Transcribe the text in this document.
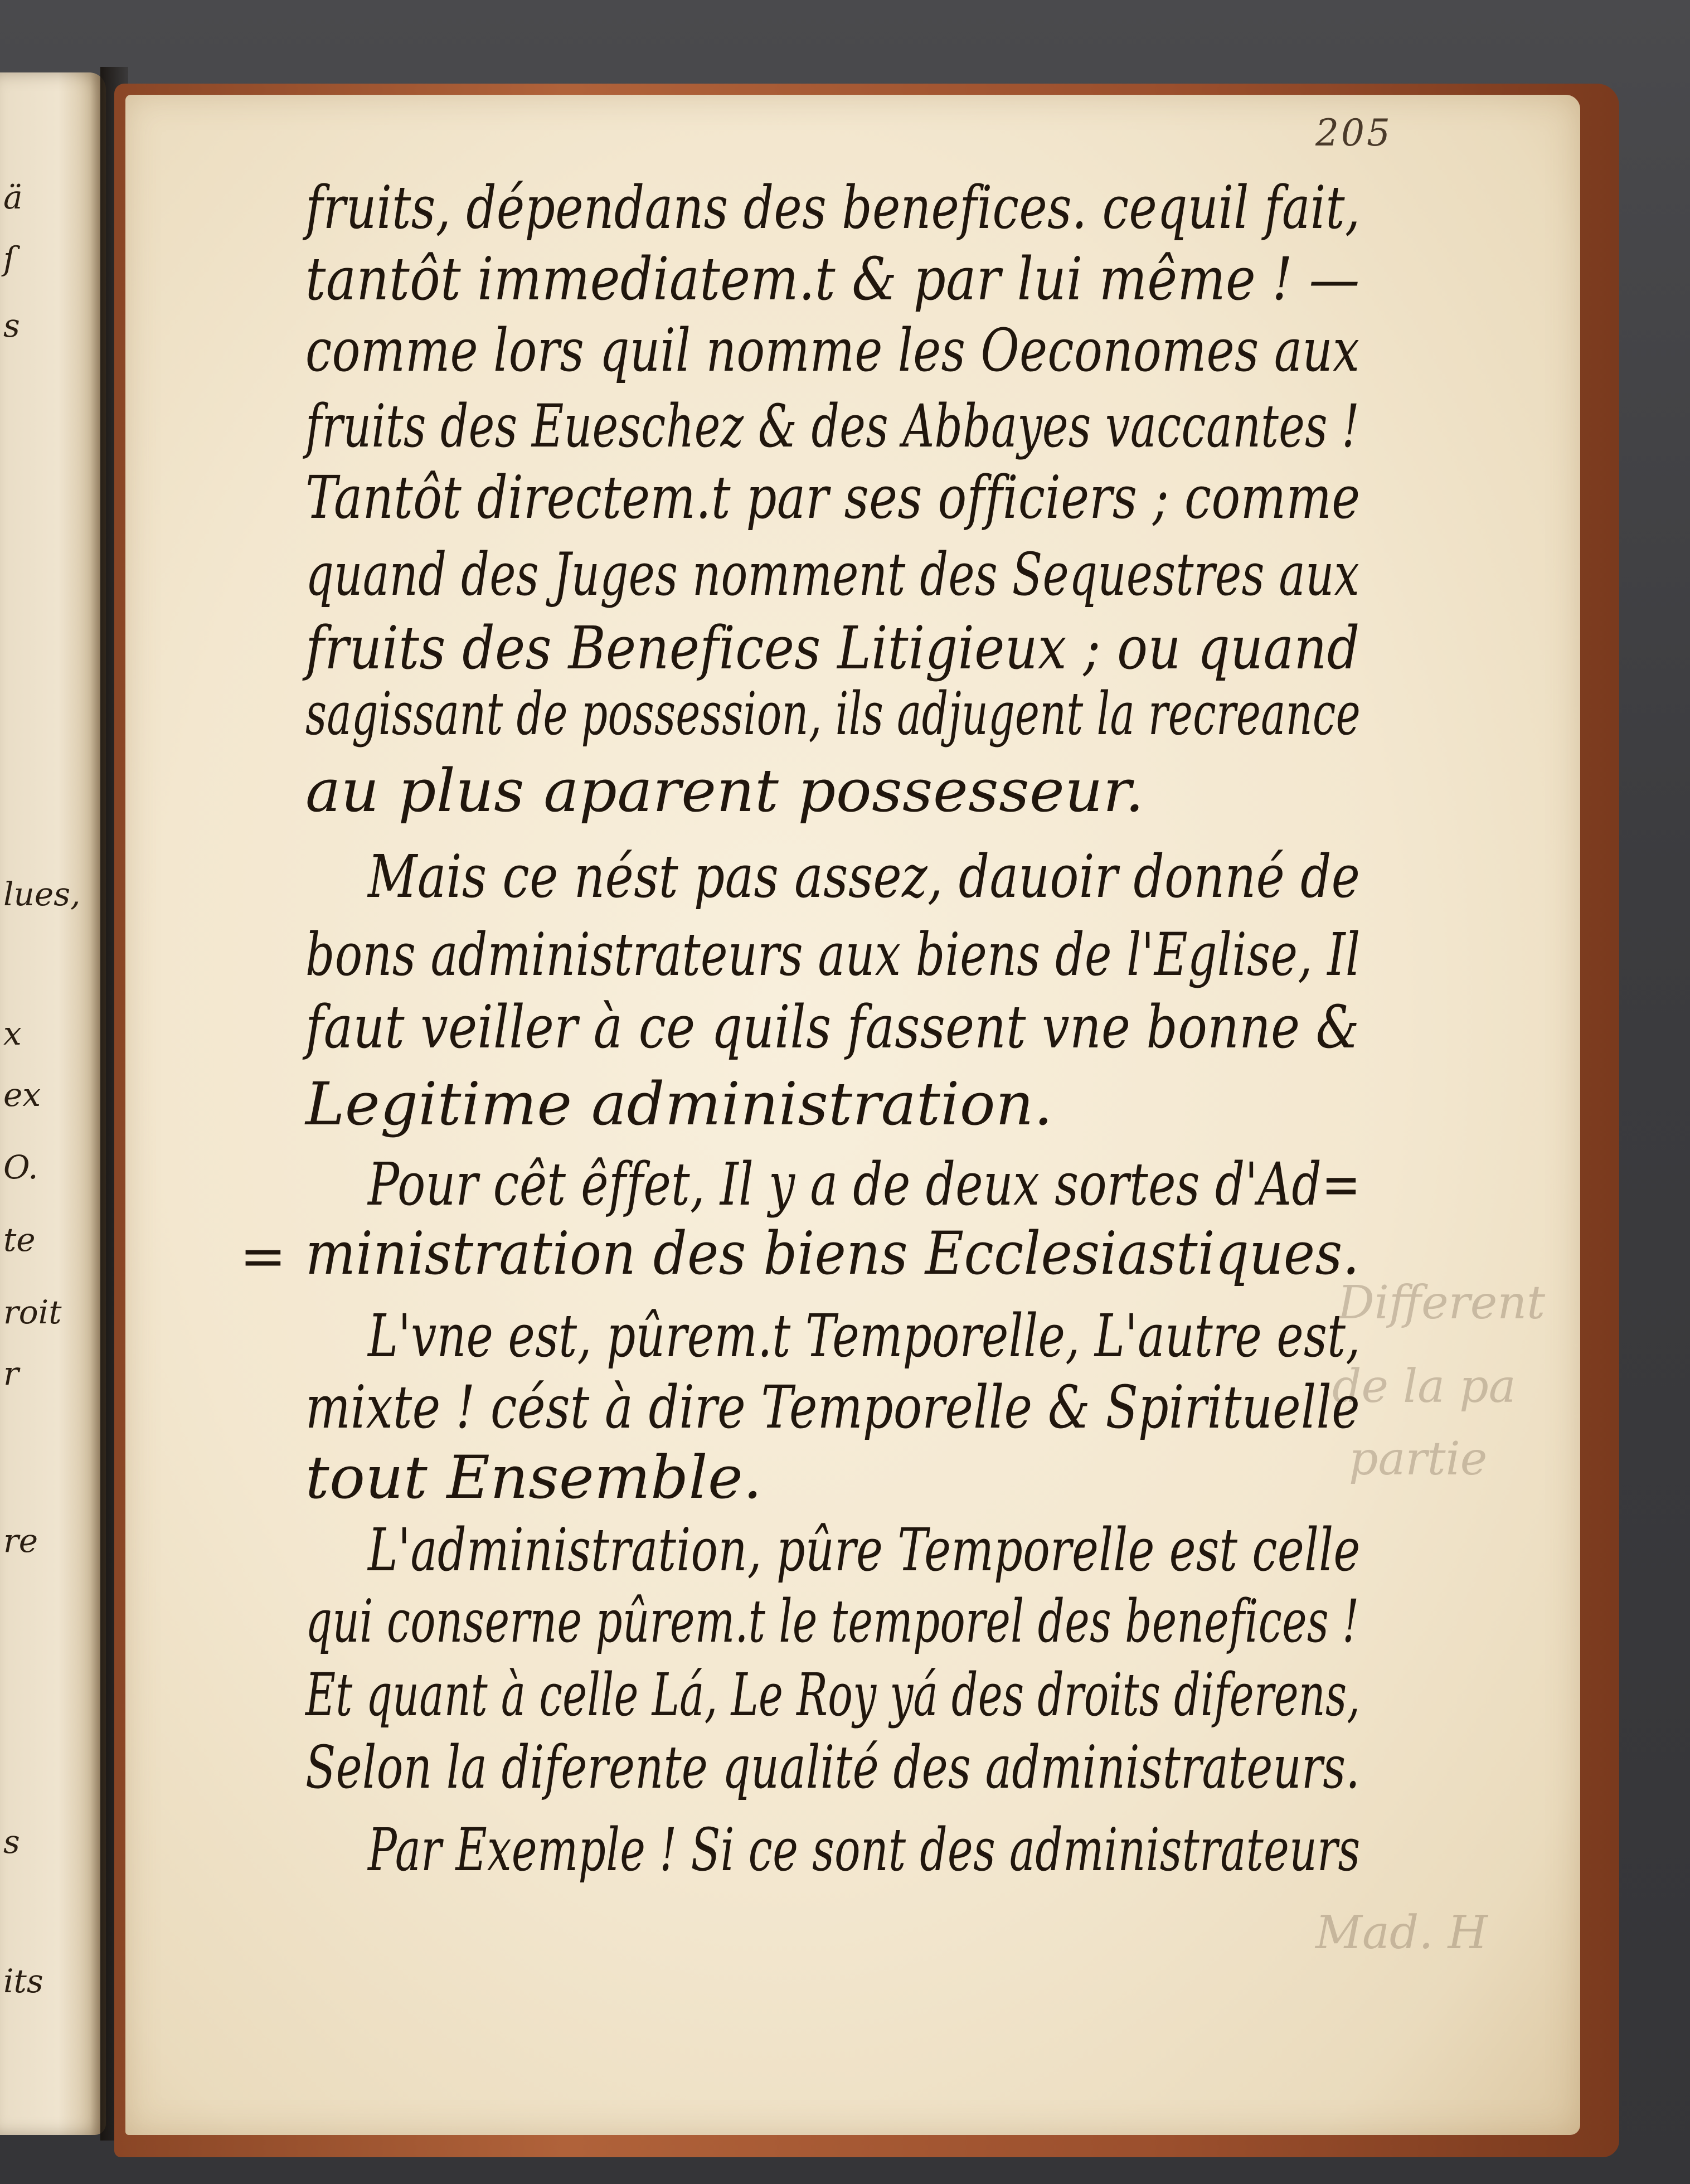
ä
ſ
s
lues,
x
ex
O.
te
roit
r
re
s
its
205
Different
de la pa
partie
Mad. H
fruits, dépendans des benefices. cequil fait,
tantôt immediatem.t & par lui même ! —
comme lors quil nomme les Oeconomes aux
fruits des Eueschez & des Abbayes vaccantes !
Tantôt directem.t par ses officiers ; comme
quand des Juges nomment des Sequestres aux
fruits des Benefices Litigieux ; ou quand
sagissant de possession, ils adjugent la recreance
au plus aparent possesseur.
Mais ce nést pas assez, dauoir donné de
bons administrateurs aux biens de l'Eglise, Il
faut veiller à ce quils fassent vne bonne &
Legitime administration.
Pour cêt êffet, Il y a de deux sortes d'Ad=
ministration des biens Ecclesiastiques.
L'vne est, pûrem.t Temporelle, L'autre est,
mixte ! cést à dire Temporelle & Spirituelle
tout Ensemble.
L'administration, pûre Temporelle est celle
qui conserne pûrem.t le temporel des benefices !
Et quant à celle Lá, Le Roy yá des droits diferens,
Selon la diferente qualité des administrateurs.
Par Exemple ! Si ce sont des administrateurs
=
